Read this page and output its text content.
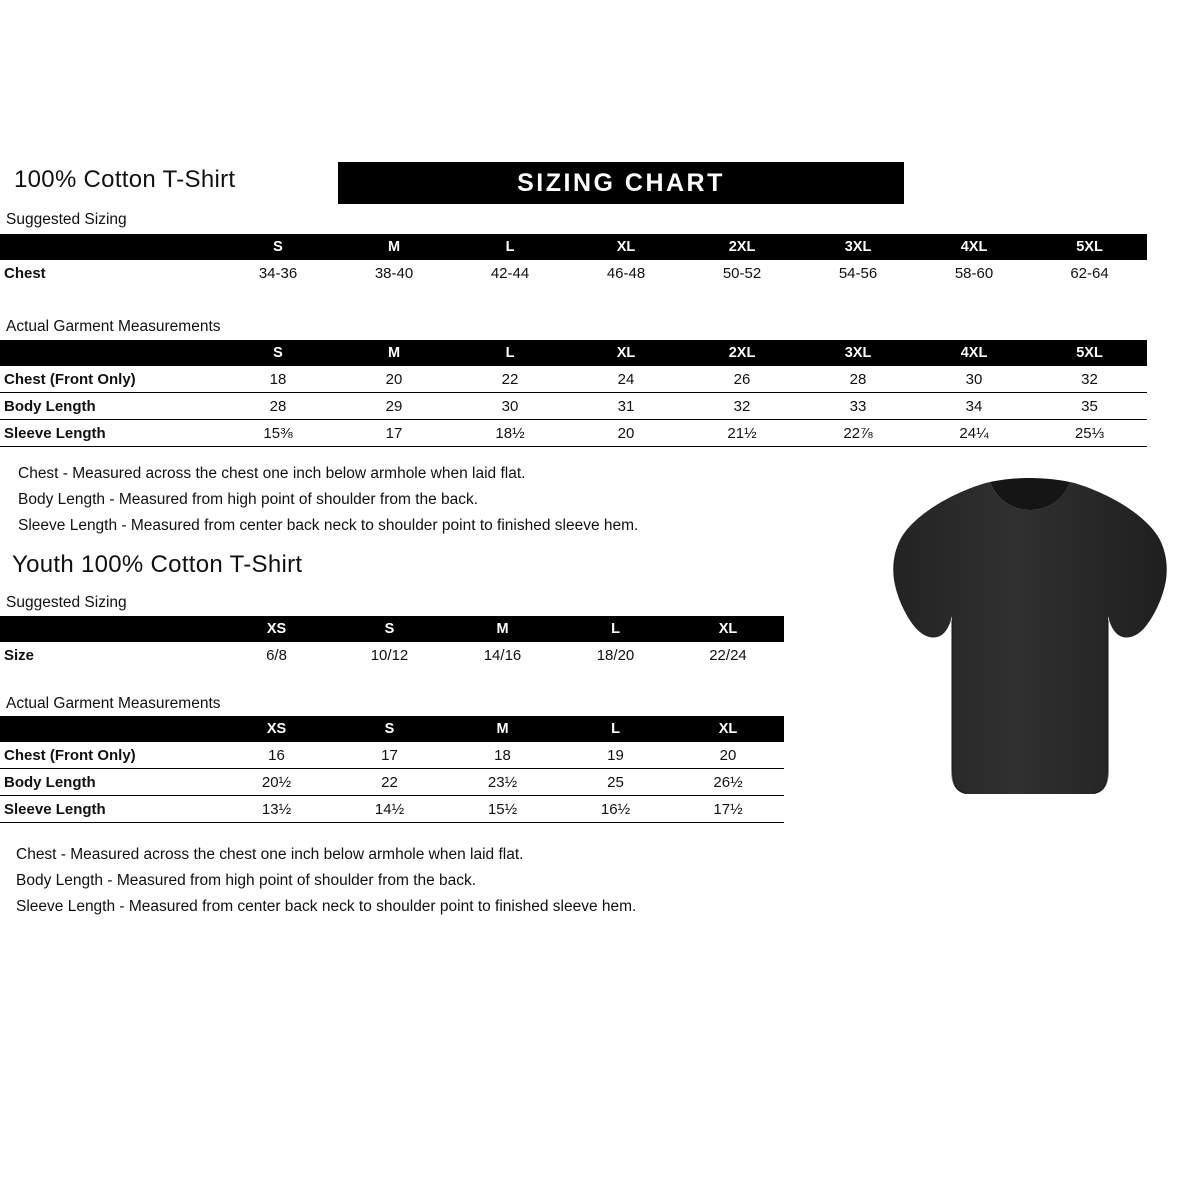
100% Cotton T-Shirt	SIZING CHART
Suggested Sizing
	S	M	L	XL	2XL	3XL	4XL	5XL
Chest	34-36	38-40	42-44	46-48	50-52	54-56	58-60	62-64
Actual Garment Measurements
	S	M	L	XL	2XL	3XL	4XL	5XL
Chest (Front Only)	18	20	22	24	26	28	30	32

Body Length	28	29	30	31	32	33	34	35

Sleeve Length	15⅜	17	18½	20	21½	22⅞	24¼	25⅓

Chest - Measured across the chest one inch below armhole when laid flat.
Body Length - Measured from high point of shoulder from the back.
Sleeve Length - Measured from center back neck to shoulder point to finished sleeve hem.
Youth 100% Cotton T-Shirt
Suggested Sizing
	XS	S	M	L	XL
Size	6/8	10/12	14/16	18/20	22/24
Actual Garment Measurements
	XS	S	M	L	XL
Chest (Front Only)	16	17	18	19	20

Body Length	20½	22	23½	25	26½

Sleeve Length	13½	14½	15½	16½	17½

Chest - Measured across the chest one inch below armhole when laid flat.
Body Length - Measured from high point of shoulder from the back.
Sleeve Length - Measured from center back neck to shoulder point to finished sleeve hem.
